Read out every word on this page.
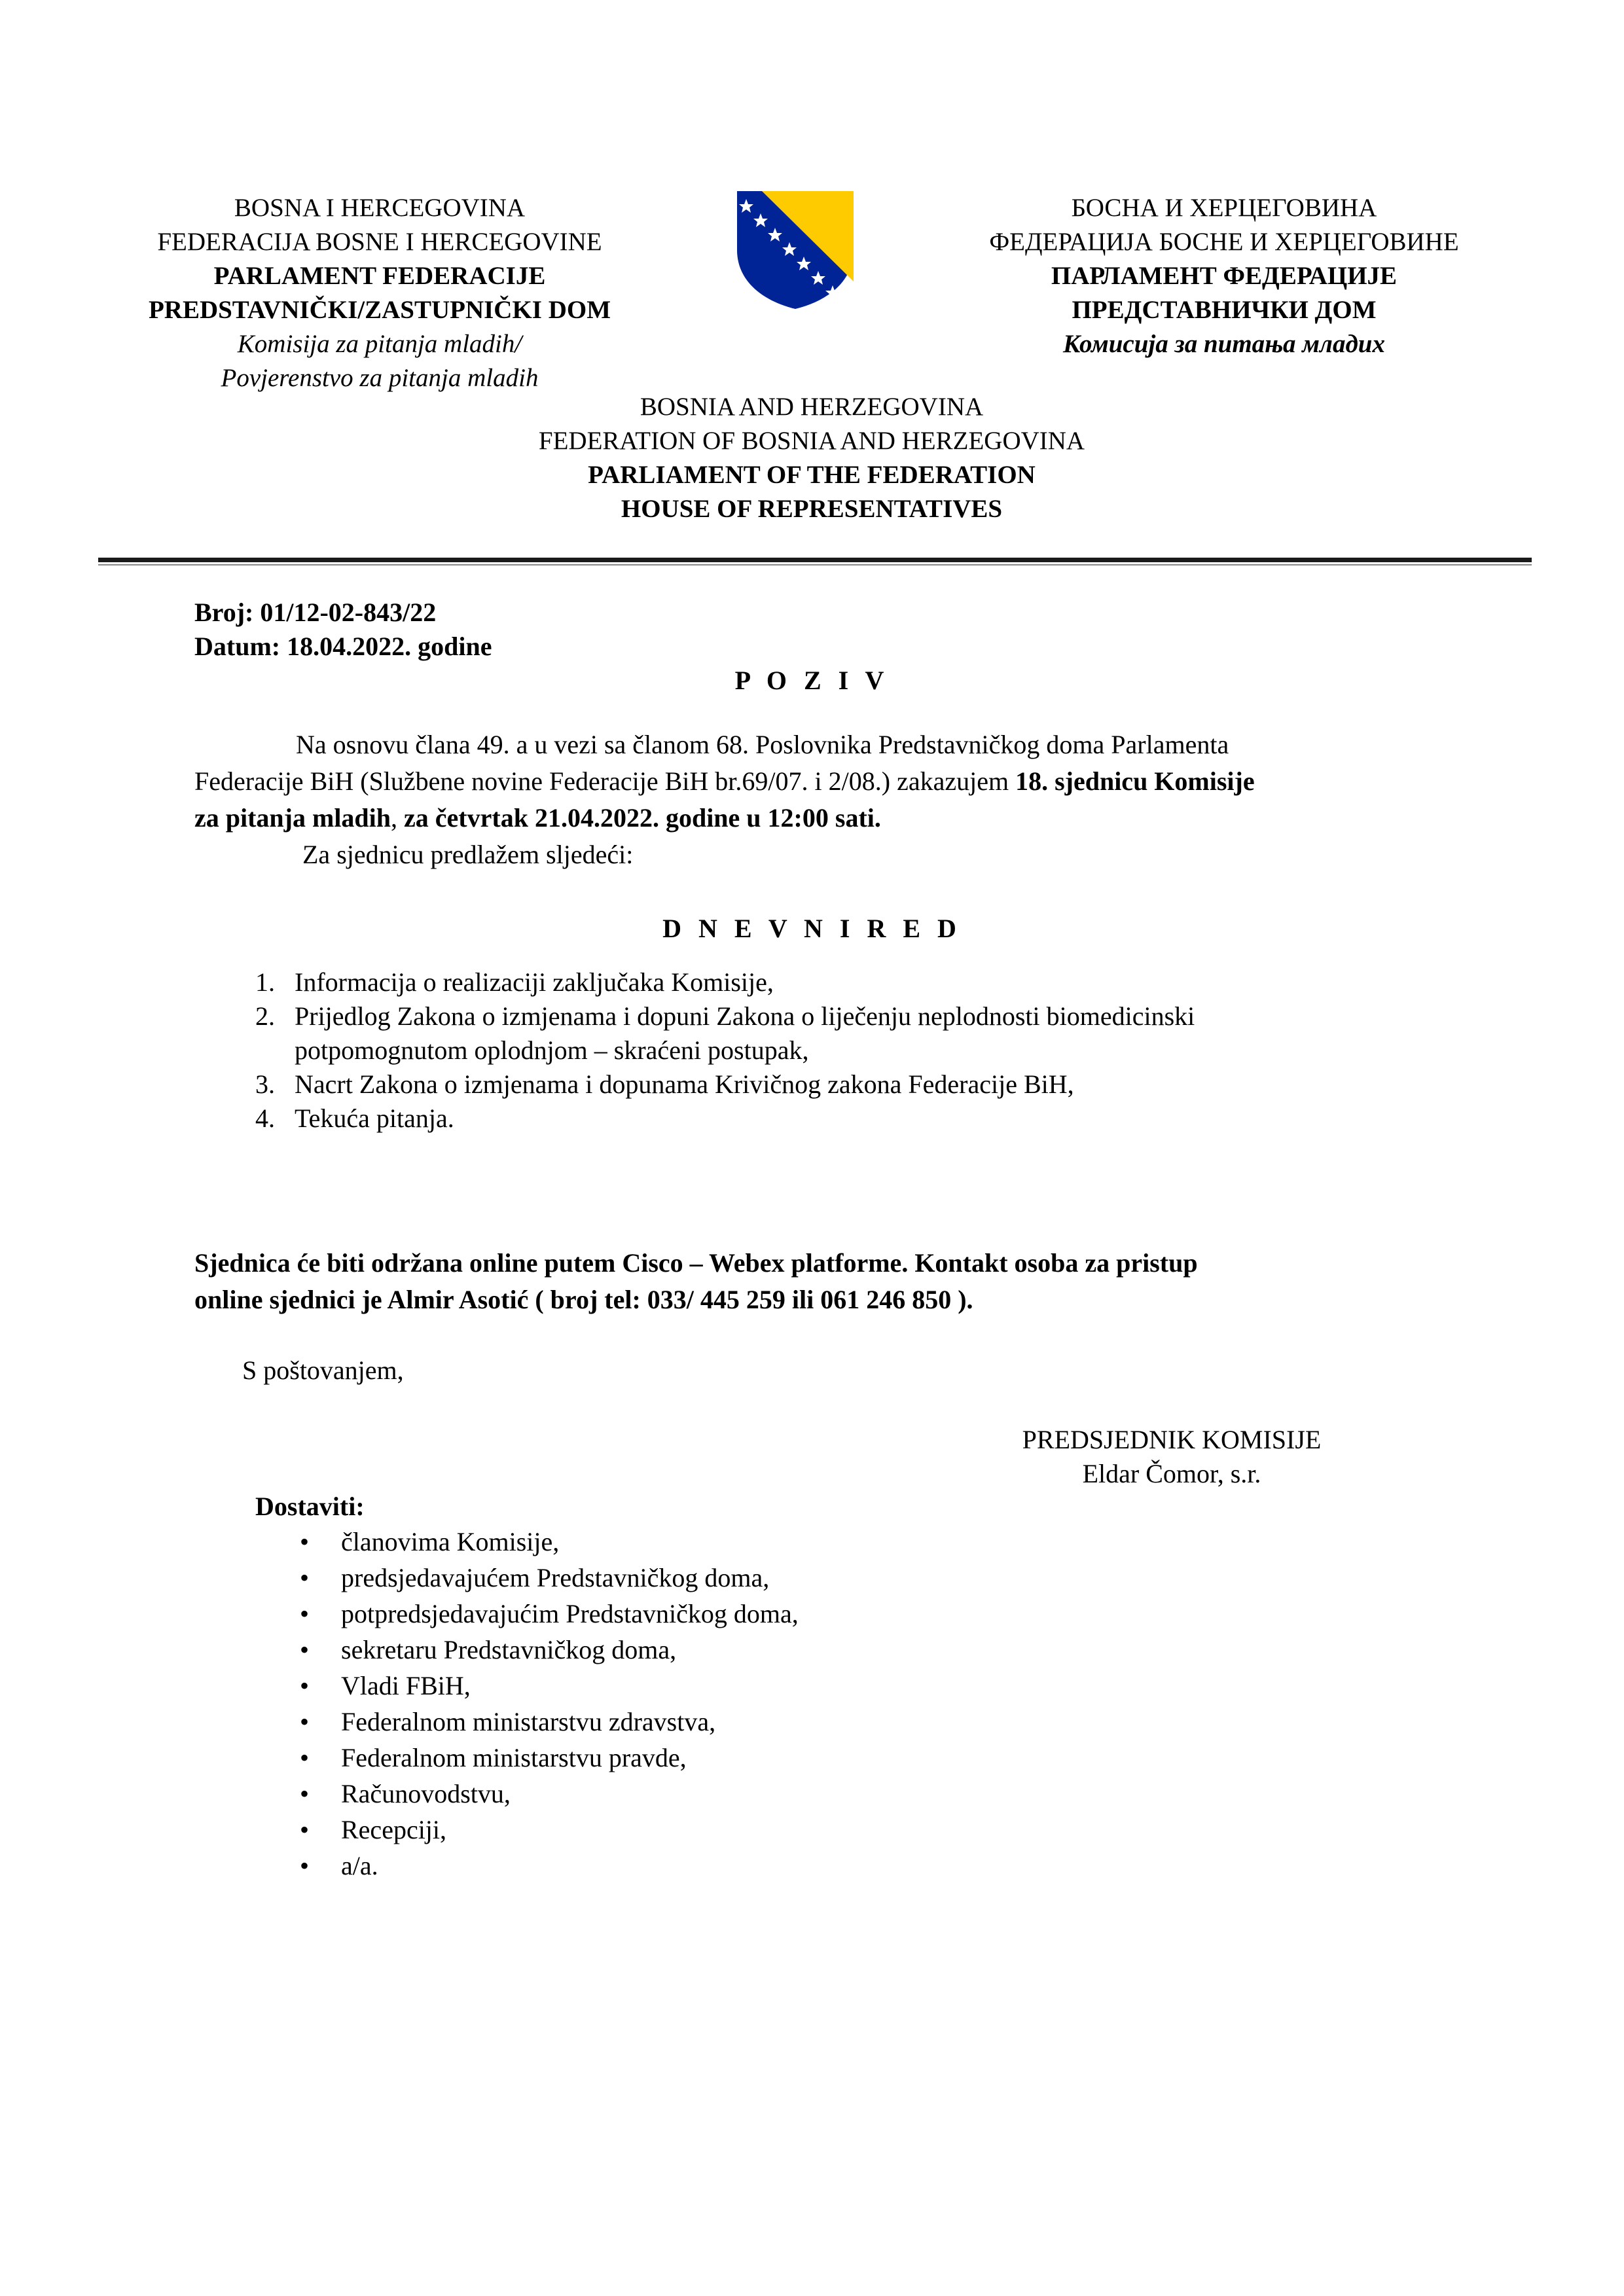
BOSNA I HERCEGOVINA
FEDERACIJA BOSNE I HERCEGOVINE
PARLAMENT FEDERACIJE
PREDSTAVNIČKI/ZASTUPNIČKI DOM
Komisija za pitanja mladih/
Povjerenstvo za pitanja mladih
БОСНА И ХЕРЦЕГОВИНА
ФЕДЕРАЦИЈА БОСНЕ И ХЕРЦЕГОВИНЕ
ПАРЛАМЕНТ ФЕДЕРАЦИЈЕ
ПРЕДСТАВНИЧКИ ДОМ
Комисија за питања младих
BOSNIA AND HERZEGOVINA
FEDERATION OF BOSNIA AND HERZEGOVINA
PARLIAMENT OF THE FEDERATION
HOUSE OF REPRESENTATIVES
Broj: 01/12-02-843/22
Datum: 18.04.2022. godine
P O Z I V
Na osnovu člana 49. a u vezi sa članom 68. Poslovnika Predstavničkog doma Parlamenta
Federacije BiH (Službene novine Federacije BiH br.69/07. i 2/08.) zakazujem 18. sjednicu Komisije
za pitanja mladih, za četvrtak 21.04.2022. godine u 12:00 sati.
Za sjednicu predlažem sljedeći:
D N E V N I R E D
1. Informacija o realizaciji zaključaka Komisije,
2. Prijedlog Zakona o izmjenama i dopuni Zakona o liječenju neplodnosti biomedicinski
potpomognutom oplodnjom – skraćeni postupak,
3. Nacrt Zakona o izmjenama i dopunama Krivičnog zakona Federacije BiH,
4. Tekuća pitanja.
Sjednica će biti održana online putem Cisco – Webex platforme. Kontakt osoba za pristup
online sjednici je Almir Asotić ( broj tel: 033/ 445 259 ili 061 246 850 ).
S poštovanjem,
PREDSJEDNIK KOMISIJE
Eldar Čomor, s.r.
Dostaviti:
•	članovima Komisije,
•	predsjedavajućem Predstavničkog doma,
•	potpredsjedavajućim Predstavničkog doma,
•	sekretaru Predstavničkog doma,
•	Vladi FBiH,
•	Federalnom ministarstvu zdravstva,
•	Federalnom ministarstvu pravde,
•	Računovodstvu,
•	Recepciji,
•	a/a.
